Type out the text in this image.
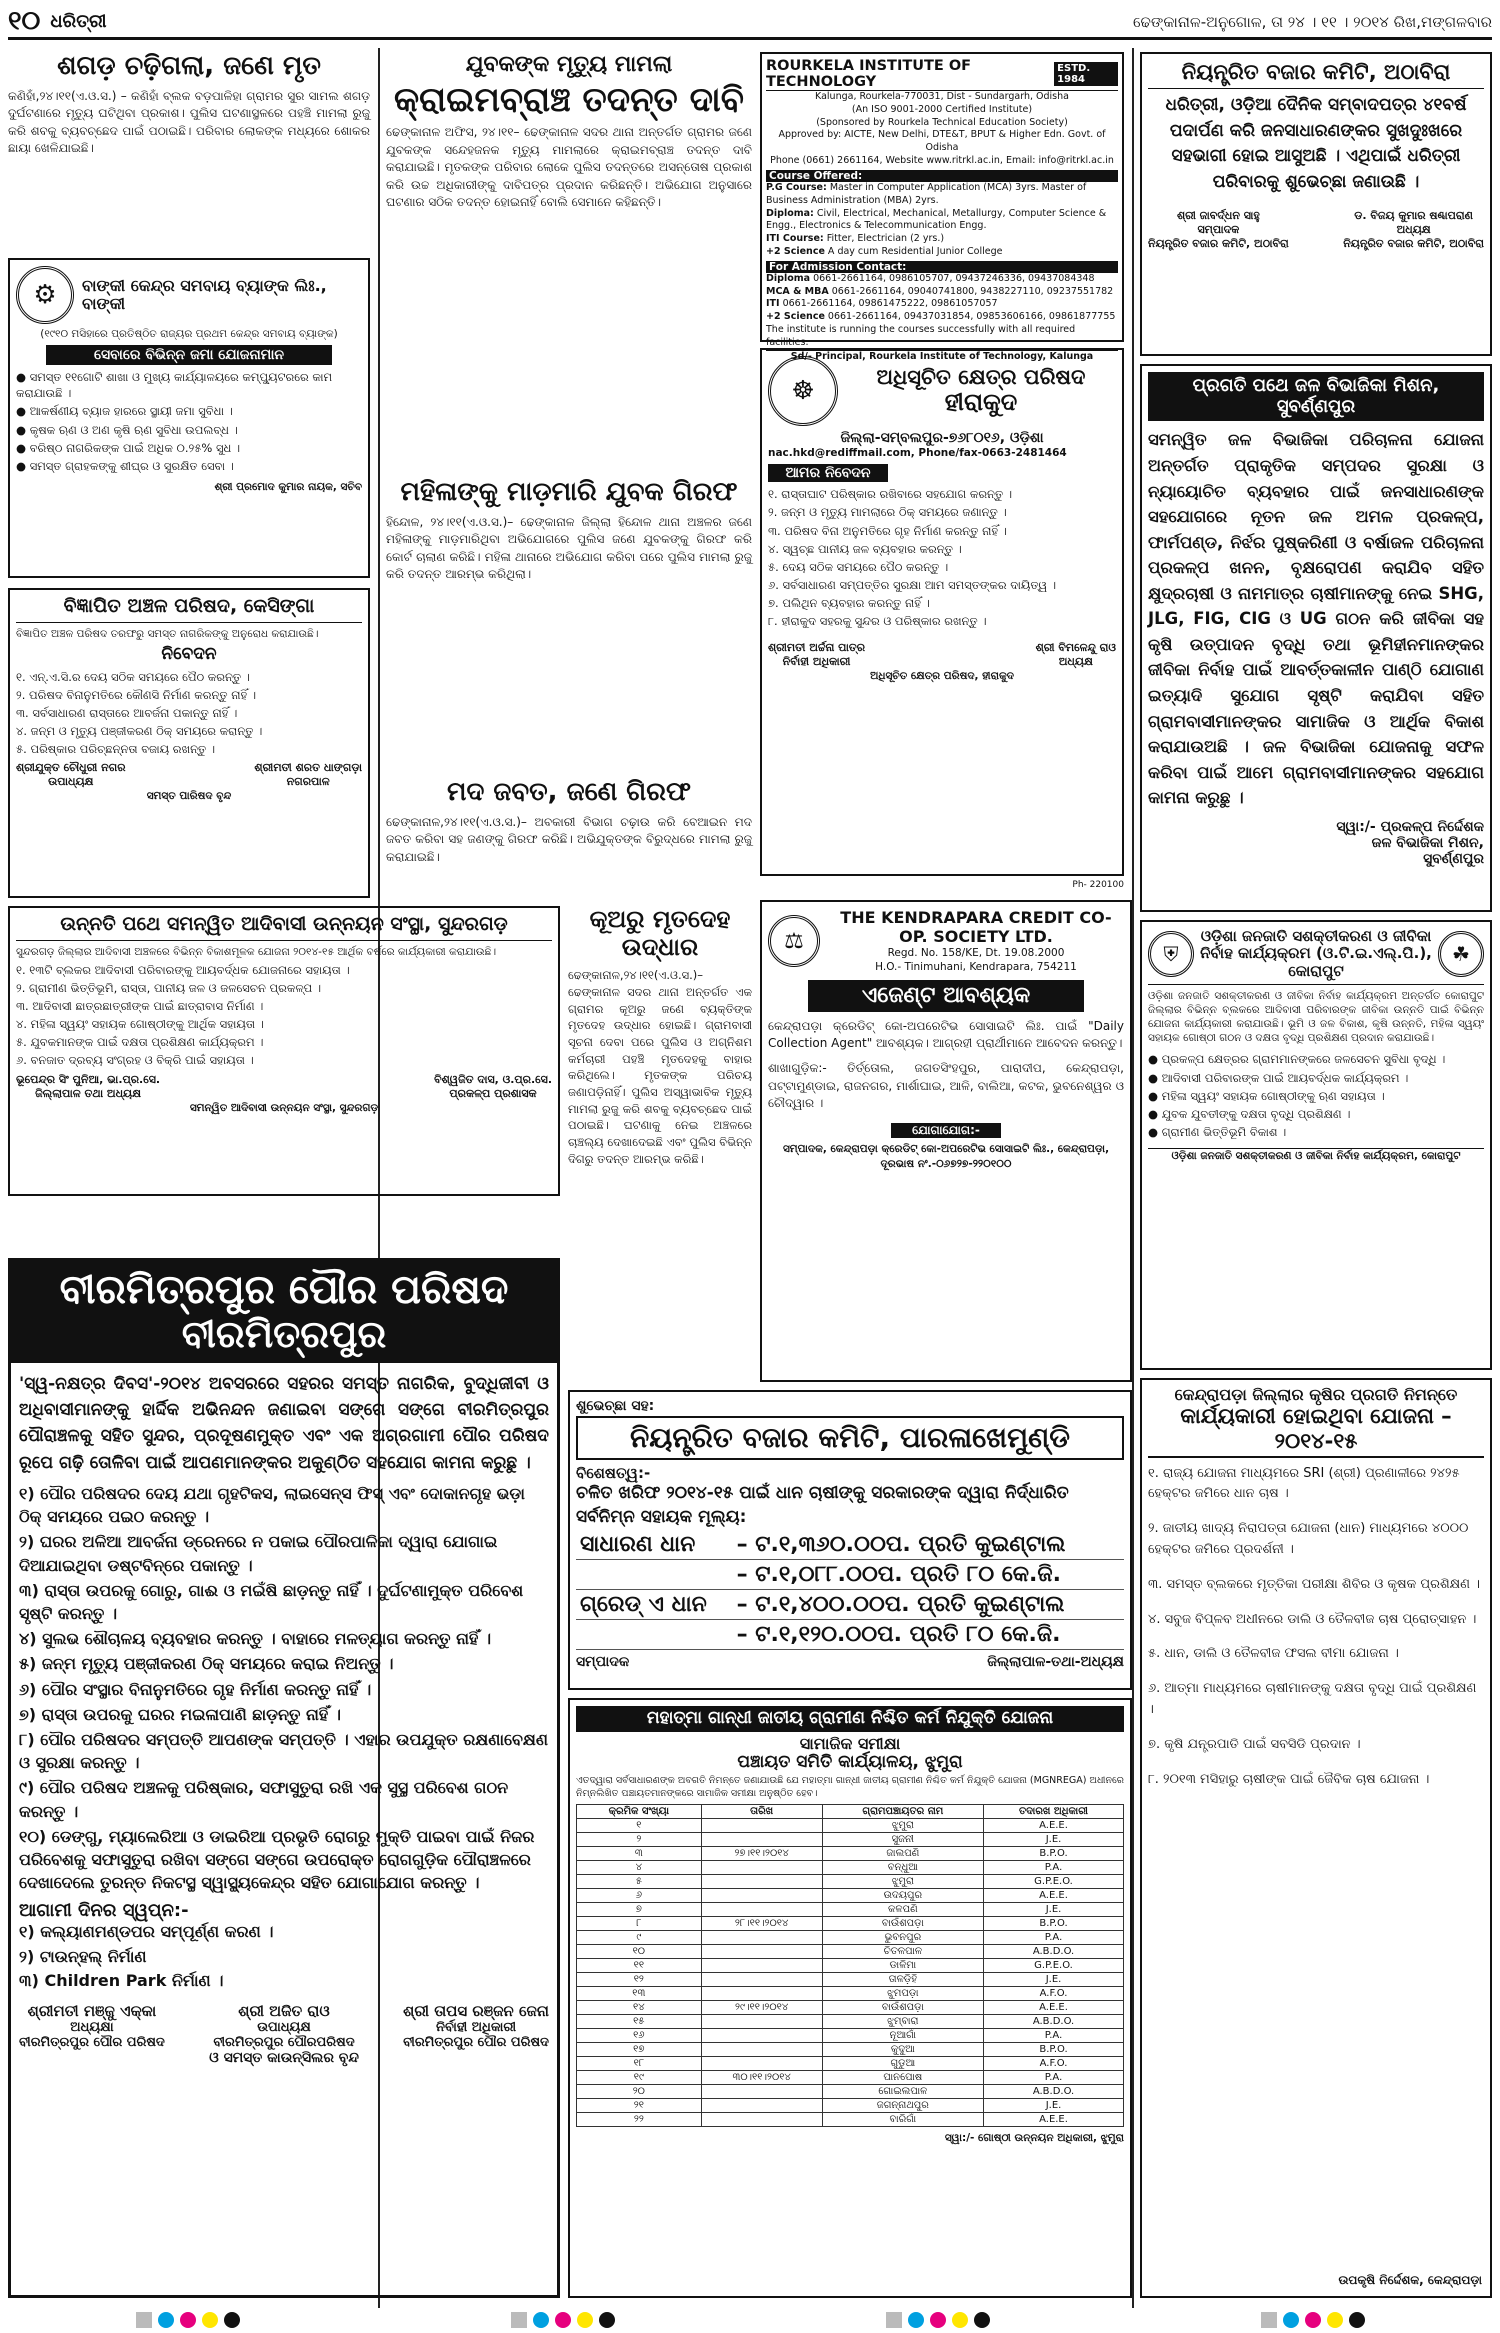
୧୦ ଧରିତ୍ରୀ	ଢେଙ୍କାନାଳ-ଅନୁଗୋଳ, ତା ୨୪ । ୧୧ । ୨୦୧୪ ରିଖ,ମଙ୍ଗଳବାର
ଶଗଡ଼ ଚଢ଼ିଗଲା, ଜଣେ ମୃତ
କଣିହାଁ,୨୪।୧୧(ଏ.ଓ.ସ.) – କଣିହାଁ ବ୍ଲକ ବଡ଼ପାଳିହା ଗ୍ରାମର ସୁର ସାମଲ ଶଗଡ଼ ଦୁର୍ଘଟଣାରେ ମୃତ୍ୟୁ ଘଟିଥିବା ପ୍ରକାଶ। ପୁଲିସ ଘଟଣାସ୍ଥଳରେ ପହଞ୍ଚି ମାମଲା ରୁଜୁ କରି ଶବକୁ ବ୍ୟବଚ୍ଛେଦ ପାଇଁ ପଠାଇଛି। ପରିବାର ଲୋକଙ୍କ ମଧ୍ୟରେ ଶୋକର ଛାୟା ଖେଳିଯାଇଛି।
⚙	ବାଙ୍କୀ କେନ୍ଦ୍ର ସମବାୟ ବ୍ୟାଙ୍କ ଲିଃ., ବାଙ୍କୀ
(୧୯୧୦ ମସିହାରେ ପ୍ରତିଷ୍ଠିତ ରାଜ୍ୟର ପ୍ରଥମ କେନ୍ଦ୍ର ସମବାୟ ବ୍ୟାଙ୍କ)
ସେବାରେ ବିଭିନ୍ନ ଜମା ଯୋଜନାମାନ
● ସମସ୍ତ ୧୧ଗୋଟି ଶାଖା ଓ ମୁଖ୍ୟ କାର୍ଯ୍ୟାଳୟରେ କମ୍ପ୍ୟୁଟରରେ କାମ କରାଯାଉଛି ।
● ଆକର୍ଷଣୀୟ ବ୍ୟାଜ ହାରରେ ସ୍ଥାୟୀ ଜମା ସୁବିଧା ।
● କୃଷକ ଋଣ ଓ ଅଣ କୃଷି ଋଣ ସୁବିଧା ଉପଲବ୍ଧ ।
● ବରିଷ୍ଠ ନାଗରିକଙ୍କ ପାଇଁ ଅଧିକ ୦.୨୫% ସୁଧ ।
● ସମସ୍ତ ଗ୍ରାହକଙ୍କୁ ଶୀଘ୍ର ଓ ସୁରକ୍ଷିତ ସେବା ।
ଶ୍ରୀ ପ୍ରମୋଦ କୁମାର ନାୟକ, ସଚିବ
ବିଜ୍ଞାପିତ ଅଞ୍ଚଳ ପରିଷଦ, କେସିଙ୍ଗା
ବିଜ୍ଞାପିତ ଅଞ୍ଚଳ ପରିଷଦ ତରଫରୁ ସମସ୍ତ ନାଗରିକଙ୍କୁ ଅନୁରୋଧ କରାଯାଉଛି।
ନିବେଦନ
୧. ଏନ୍.ଏ.ସି.ର ଦେୟ ସଠିକ ସମୟରେ ପୈଠ କରନ୍ତୁ ।
୨. ପରିଷଦ ବିନାନୁମତିରେ କୌଣସି ନିର୍ମାଣ କରନ୍ତୁ ନାହିଁ ।
୩. ସର୍ବସାଧାରଣ ରାସ୍ତାରେ ଆବର୍ଜନା ପକାନ୍ତୁ ନାହିଁ ।
୪. ଜନ୍ମ ଓ ମୃତ୍ୟୁ ପଞ୍ଜୀକରଣ ଠିକ୍ ସମୟରେ କରାନ୍ତୁ ।
୫. ପରିଷ୍କାର ପରିଚ୍ଛନ୍ନତା ବଜାୟ ରଖନ୍ତୁ ।
ଶ୍ରୀଯୁକ୍ତ ଚୌଧୁରୀ ନଗର
ଉପାଧ୍ୟକ୍ଷ
ଶ୍ରୀମତୀ ଶରତ ଧାଙ୍ଗଡ଼ା
ନଗରପାଳ
ସମସ୍ତ ପାରିଷଦ ବୃନ୍ଦ
ଯୁବକଙ୍କ ମୃତ୍ୟୁ ମାମଲା
କ୍ରାଇମବ୍ରାଞ୍ଚ ତଦନ୍ତ ଦାବି
ଢେଙ୍କାନାଳ ଅଫିସ, ୨୪।୧୧– ଢେଙ୍କାନାଳ ସଦର ଥାନା ଅନ୍ତର୍ଗତ ଗ୍ରାମର ଜଣେ ଯୁବକଙ୍କ ସନ୍ଦେହଜନକ ମୃତ୍ୟୁ ମାମଲାରେ କ୍ରାଇମବ୍ରାଞ୍ଚ ତଦନ୍ତ ଦାବି କରାଯାଇଛି। ମୃତକଙ୍କ ପରିବାର ଲୋକେ ପୁଲିସ ତଦନ୍ତରେ ଅସନ୍ତୋଷ ପ୍ରକାଶ କରି ଉଚ୍ଚ ଅଧିକାରୀଙ୍କୁ ଦାବିପତ୍ର ପ୍ରଦାନ କରିଛନ୍ତି। ଅଭିଯୋଗ ଅନୁସାରେ ଘଟଣାର ସଠିକ ତଦନ୍ତ ହୋଇନାହିଁ ବୋଲି ସେମାନେ କହିଛନ୍ତି।
ମହିଳାଙ୍କୁ ମାଡ଼ମାରି ଯୁବକ ଗିରଫ
ହିନ୍ଦୋଳ, ୨୪।୧୧(ଏ.ଓ.ସ.)– ଢେଙ୍କାନାଳ ଜିଲ୍ଲା ହିନ୍ଦୋଳ ଥାନା ଅଞ୍ଚଳର ଜଣେ ମହିଳାଙ୍କୁ ମାଡ଼ମାରିଥିବା ଅଭିଯୋଗରେ ପୁଲିସ ଜଣେ ଯୁବକଙ୍କୁ ଗିରଫ କରି କୋର୍ଟ ଚାଲାଣ କରିଛି। ମହିଳା ଥାନାରେ ଅଭିଯୋଗ କରିବା ପରେ ପୁଲିସ ମାମଲା ରୁଜୁ କରି ତଦନ୍ତ ଆରମ୍ଭ କରିଥିଲା।
ମଦ ଜବତ, ଜଣେ ଗିରଫ
ଢେଙ୍କାନାଳ,୨୪।୧୧(ଏ.ଓ.ସ.)– ଅବକାରୀ ବିଭାଗ ଚଢ଼ାଉ କରି ବେଆଇନ ମଦ ଜବତ କରିବା ସହ ଜଣଙ୍କୁ ଗିରଫ କରିଛି। ଅଭିଯୁକ୍ତଙ୍କ ବିରୁଦ୍ଧରେ ମାମଲା ରୁଜୁ କରାଯାଇଛି।
ROURKELA INSTITUTE OF TECHNOLOGY
ESTD. 1984
Kalunga, Rourkela-770031, Dist - Sundargarh, Odisha
(An ISO 9001-2000 Certified Institute)
(Sponsored by Rourkela Technical Education Society)
Approved by: AICTE, New Delhi, DTE&T, BPUT & Higher Edn. Govt. of Odisha
Phone (0661) 2661164, Website www.ritrkl.ac.in, Email: info@ritrkl.ac.in
Course Offered:
P.G Course: Master in Computer Application (MCA) 3yrs. Master of Business Administration (MBA) 2yrs.
Diploma: Civil, Electrical, Mechanical, Metallurgy, Computer Science & Engg., Electronics & Telecommunication Engg.
ITI Course: Fitter, Electrician (2 yrs.)
+2 Science A day cum Residential Junior College
For Admission Contact:
Diploma 0661-2661164, 0986105707, 09437246336, 09437084348
MCA & MBA 0661-2661164, 09040741800, 9438227110, 09237551782
ITI 0661-2661164, 09861475222, 09861057057
+2 Science 0661-2661164, 09437031854, 09853606166, 09861877755
The institute is running the courses successfully with all required facilities.
Sd/- Principal, Rourkela Institute of Technology, Kalunga
☸	ଅଧିସୂଚିତ କ୍ଷେତ୍ର ପରିଷଦ
ହୀରାକୁଦ
ଜିଲ୍ଲା-ସମ୍ବଲପୁର-୭୬୮୦୧୬, ଓଡ଼ିଶା
nac.hkd@rediffmail.com, Phone/fax-0663-2481464
ଆମର ନିବେଦନ
୧. ରାସ୍ତାଘାଟ ପରିଷ୍କାର ରଖିବାରେ ସହଯୋଗ କରନ୍ତୁ ।
୨. ଜନ୍ମ ଓ ମୃତ୍ୟୁ ମାମଲାରେ ଠିକ୍ ସମୟରେ ଜଣାନ୍ତୁ ।
୩. ପରିଷଦ ବିନା ଅନୁମତିରେ ଗୃହ ନିର୍ମାଣ କରନ୍ତୁ ନାହିଁ ।
୪. ସ୍ୱଚ୍ଛ ପାନୀୟ ଜଳ ବ୍ୟବହାର କରନ୍ତୁ ।
୫. ଦେୟ ସଠିକ ସମୟରେ ପୈଠ କରନ୍ତୁ ।
୬. ସର୍ବସାଧାରଣ ସମ୍ପତ୍ତିର ସୁରକ୍ଷା ଆମ ସମସ୍ତଙ୍କର ଦାୟିତ୍ୱ ।
୭. ପଲିଥିନ ବ୍ୟବହାର କରନ୍ତୁ ନାହିଁ ।
୮. ହୀରାକୁଦ ସହରକୁ ସୁନ୍ଦର ଓ ପରିଷ୍କାର ରଖନ୍ତୁ ।
ଶ୍ରୀମତୀ ଅର୍ଚ୍ଚନା ପାତ୍ର
ନିର୍ବାହୀ ଅଧିକାରୀ
ଶ୍ରୀ ବିମଳେନ୍ଦୁ ରାଓ
ଅଧ୍ୟକ୍ଷ
ଅଧିସୂଚିତ କ୍ଷେତ୍ର ପରିଷଦ, ହୀରାକୁଦ
Ph- 220100
ନିୟନ୍ତ୍ରିତ ବଜାର କମିଟି, ଅଠାବିରା
ଧରିତ୍ରୀ, ଓଡ଼ିଆ ଦୈନିକ ସମ୍ବାଦପତ୍ର ୪୧ବର୍ଷ ପଦାର୍ପଣ କରି ଜନସାଧାରଣଙ୍କର ସୁଖଦୁଃଖରେ ସହଭାଗୀ ହୋଇ ଆସୁଅଛି । ଏଥିପାଇଁ ଧରିତ୍ରୀ ପରିବାରକୁ ଶୁଭେଚ୍ଛା ଜଣାଉଛି ।
ଶ୍ରୀ ଜାବର୍ଦ୍ଧନ ସାହୁ
ସମ୍ପାଦକ
ନିୟନ୍ତ୍ରିତ ବଜାର କମିଟି, ଅଠାବିରା
ଡ. ବିଜୟ କୁମାର ଷଣ୍ଢାପରାଣ
ଅଧ୍ୟକ୍ଷ
ନିୟନ୍ତ୍ରିତ ବଜାର କମିଟି, ଅଠାବିରା
ପ୍ରଗତି ପଥେ ଜଳ ବିଭାଜିକା ମିଶନ, ସୁବର୍ଣ୍ଣପୁର
ସମନ୍ୱିତ ଜଳ ବିଭାଜିକା ପରିଚାଳନା ଯୋଜନା ଅନ୍ତର୍ଗତ ପ୍ରାକୃତିକ ସମ୍ପଦର ସୁରକ୍ଷା ଓ ନ୍ୟାୟୋଚିତ ବ୍ୟବହାର ପାଇଁ ଜନସାଧାରଣଙ୍କ ସହଯୋଗରେ ନୂତନ ଜଳ ଅମଳ ପ୍ରକଳ୍ପ, ଫାର୍ମପଣ୍ଡ, ନିର୍ଝର ପୁଷ୍କରିଣୀ ଓ ବର୍ଷାଜଳ ପରିଚାଳନା ପ୍ରକଳ୍ପ ଖନନ, ବୃକ୍ଷରୋପଣ କରାଯିବ ସହିତ କ୍ଷୁଦ୍ରଚାଷୀ ଓ ନାମମାତ୍ର ଚାଷୀମାନଙ୍କୁ ନେଇ SHG, JLG, FIG, CIG ଓ UG ଗଠନ କରି ଜୀବିକା ସହ କୃଷି ଉତ୍ପାଦନ ବୃଦ୍ଧି ତଥା ଭୂମିହୀନମାନଙ୍କର ଜୀବିକା ନିର୍ବାହ ପାଇଁ ଆବର୍ତ୍ତକାଳୀନ ପାଣ୍ଠି ଯୋଗାଣ ଇତ୍ୟାଦି ସୁଯୋଗ ସୃଷ୍ଟି କରାଯିବା ସହିତ ଗ୍ରାମବାସୀମାନଙ୍କର ସାମାଜିକ ଓ ଆର୍ଥିକ ବିକାଶ କରାଯାଉଅଛି । ଜଳ ବିଭାଜିକା ଯୋଜନାକୁ ସଫଳ କରିବା ପାଇଁ ଆମେ ଗ୍ରାମବାସୀମାନଙ୍କର ସହଯୋଗ କାମନା କରୁଛୁ ।
ସ୍ୱା:/- ପ୍ରକଳ୍ପ ନିର୍ଦ୍ଦେଶକ
ଜଳ ବିଭାଜିକା ମିଶନ,
ସୁବର୍ଣ୍ଣପୁର
⛨
ଓଡ଼ିଶା ଜନଜାତି ସଶକ୍ତୀକରଣ ଓ ଜୀବିକା ନିର୍ବାହ କାର୍ଯ୍ୟକ୍ରମ (ଓ.ଟି.ଇ.ଏଲ୍.ପି.), କୋରାପୁଟ
☘
ଓଡ଼ିଶା ଜନଜାତି ସଶକ୍ତୀକରଣ ଓ ଜୀବିକା ନିର୍ବାହ କାର୍ଯ୍ୟକ୍ରମ ଅନ୍ତର୍ଗତ କୋରାପୁଟ ଜିଲ୍ଲାର ବିଭିନ୍ନ ବ୍ଲକରେ ଆଦିବାସୀ ପରିବାରଙ୍କ ଜୀବିକା ଉନ୍ନତି ପାଇଁ ବିଭିନ୍ନ ଯୋଜନା କାର୍ଯ୍ୟକାରୀ କରାଯାଉଛି। ଭୂମି ଓ ଜଳ ବିକାଶ, କୃଷି ଉନ୍ନତି, ମହିଳା ସ୍ୱୟଂ ସହାୟକ ଗୋଷ୍ଠୀ ଗଠନ ଓ ଦକ୍ଷତା ବୃଦ୍ଧି ପ୍ରଶିକ୍ଷଣ ପ୍ରଦାନ କରାଯାଉଛି।
● ପ୍ରକଳ୍ପ କ୍ଷେତ୍ରର ଗ୍ରାମମାନଙ୍କରେ ଜଳସେଚନ ସୁବିଧା ବୃଦ୍ଧି ।
● ଆଦିବାସୀ ପରିବାରଙ୍କ ପାଇଁ ଆୟବର୍ଦ୍ଧକ କାର୍ଯ୍ୟକ୍ରମ ।
● ମହିଳା ସ୍ୱୟଂ ସହାୟକ ଗୋଷ୍ଠୀଙ୍କୁ ଋଣ ସହାୟତା ।
● ଯୁବକ ଯୁବତୀଙ୍କୁ ଦକ୍ଷତା ବୃଦ୍ଧି ପ୍ରଶିକ୍ଷଣ ।
● ଗ୍ରାମୀଣ ଭିତ୍ତିଭୂମି ବିକାଶ ।
ଓଡ଼ିଶା ଜନଜାତି ସଶକ୍ତୀକରଣ ଓ ଜୀବିକା ନିର୍ବାହ କାର୍ଯ୍ୟକ୍ରମ, କୋରାପୁଟ
କେନ୍ଦ୍ରାପଡ଼ା ଜିଲ୍ଲାର କୃଷିର ପ୍ରଗତି ନିମନ୍ତେ
କାର୍ଯ୍ୟକାରୀ ହୋଇଥିବା ଯୋଜନା – ୨୦୧୪-୧୫
୧. ରାଜ୍ୟ ଯୋଜନା ମାଧ୍ୟମରେ SRI (ଶ୍ରୀ) ପ୍ରଣାଳୀରେ ୨୪୨୫ ହେକ୍ଟର ଜମିରେ ଧାନ ଚାଷ ।
୨. ଜାତୀୟ ଖାଦ୍ୟ ନିରାପତ୍ତା ଯୋଜନା (ଧାନ) ମାଧ୍ୟମରେ ୪୦୦୦ ହେକ୍ଟର ଜମିରେ ପ୍ରଦର୍ଶନୀ ।
୩. ସମସ୍ତ ବ୍ଲକରେ ମୃତ୍ତିକା ପରୀକ୍ଷା ଶିବିର ଓ କୃଷକ ପ୍ରଶିକ୍ଷଣ ।
୪. ସବୁଜ ବିପ୍ଳବ ଅଧୀନରେ ଡାଲି ଓ ତୈଳବୀଜ ଚାଷ ପ୍ରୋତ୍ସାହନ ।
୫. ଧାନ, ଡାଲି ଓ ତୈଳବୀଜ ଫସଲ ବୀମା ଯୋଜନା ।
୬. ଆତ୍ମା ମାଧ୍ୟମରେ ଚାଷୀମାନଙ୍କୁ ଦକ୍ଷତା ବୃଦ୍ଧି ପାଇଁ ପ୍ରଶିକ୍ଷଣ ।
୭. କୃଷି ଯନ୍ତ୍ରପାତି ପାଇଁ ସବସିଡି ପ୍ରଦାନ ।
୮. ୨୦୧୩ ମସିହାରୁ ଚାଷୀଙ୍କ ପାଇଁ ଜୈବିକ ଚାଷ ଯୋଜନା ।
ଉପକୃଷି ନିର୍ଦ୍ଦେଶକ, କେନ୍ଦ୍ରାପଡ଼ା
ଉନ୍ନତି ପଥେ ସମନ୍ୱିତ ଆଦିବାସୀ ଉନ୍ନୟନ ସଂସ୍ଥା, ସୁନ୍ଦରଗଡ଼
ସୁନ୍ଦରଗଡ଼ ଜିଲ୍ଲାର ଆଦିବାସୀ ଅଞ୍ଚଳରେ ବିଭିନ୍ନ ବିକାଶମୂଳକ ଯୋଜନା ୨୦୧୪-୧୫ ଆର୍ଥିକ ବର୍ଷରେ କାର୍ଯ୍ୟକାରୀ କରାଯାଉଛି।
୧. ୧୩ଟି ବ୍ଲକର ଆଦିବାସୀ ପରିବାରଙ୍କୁ ଆୟବର୍ଦ୍ଧକ ଯୋଜନାରେ ସହାୟତା ।
୨. ଗ୍ରାମୀଣ ଭିତ୍ତିଭୂମି, ରାସ୍ତା, ପାନୀୟ ଜଳ ଓ ଜଳସେଚନ ପ୍ରକଳ୍ପ ।
୩. ଆଦିବାସୀ ଛାତ୍ରଛାତ୍ରୀଙ୍କ ପାଇଁ ଛାତ୍ରାବାସ ନିର୍ମାଣ ।
୪. ମହିଳା ସ୍ୱୟଂ ସହାୟକ ଗୋଷ୍ଠୀଙ୍କୁ ଆର୍ଥିକ ସହାୟତା ।
୫. ଯୁବକମାନଙ୍କ ପାଇଁ ଦକ୍ଷତା ପ୍ରଶିକ୍ଷଣ କାର୍ଯ୍ୟକ୍ରମ ।
୬. ବନଜାତ ଦ୍ରବ୍ୟ ସଂଗ୍ରହ ଓ ବିକ୍ରି ପାଇଁ ସହାୟତା ।
ଭୂପେନ୍ଦ୍ର ସିଂ ପୁନିଆ, ଭା.ପ୍ର.ସେ.
ଜିଲ୍ଲାପାଳ ତଥା ଅଧ୍ୟକ୍ଷ
ବିଶ୍ୱଜିତ ଦାସ, ଓ.ପ୍ର.ସେ.
ପ୍ରକଳ୍ପ ପ୍ରଶାସକ
ସମନ୍ୱିତ ଆଦିବାସୀ ଉନ୍ନୟନ ସଂସ୍ଥା, ସୁନ୍ଦରଗଡ଼
କୂଅରୁ ମୃତଦେହ ଉଦ୍ଧାର
ଢେଙ୍କାନାଳ,୨୪।୧୧(ଏ.ଓ.ସ.)– ଢେଙ୍କାନାଳ ସଦର ଥାନା ଅନ୍ତର୍ଗତ ଏକ ଗ୍ରାମର କୂଅରୁ ଜଣେ ବ୍ୟକ୍ତିଙ୍କ ମୃତଦେହ ଉଦ୍ଧାର ହୋଇଛି। ଗ୍ରାମବାସୀ ସୂଚନା ଦେବା ପରେ ପୁଲିସ ଓ ଅଗ୍ନିଶମ କର୍ମଚାରୀ ପହଞ୍ଚି ମୃତଦେହକୁ ବାହାର କରିଥିଲେ। ମୃତକଙ୍କ ପରିଚୟ ଜଣାପଡ଼ିନାହିଁ। ପୁଲିସ ଅସ୍ୱାଭାବିକ ମୃତ୍ୟୁ ମାମଲା ରୁଜୁ କରି ଶବକୁ ବ୍ୟବଚ୍ଛେଦ ପାଇଁ ପଠାଇଛି। ଘଟଣାକୁ ନେଇ ଅଞ୍ଚଳରେ ଚାଞ୍ଚଲ୍ୟ ଦେଖାଦେଇଛି ଏବଂ ପୁଲିସ ବିଭିନ୍ନ ଦିଗରୁ ତଦନ୍ତ ଆରମ୍ଭ କରିଛି।
⚖
THE KENDRAPARA CREDIT CO-OP. SOCIETY LTD.
Regd. No. 158/KE, Dt. 19.08.2000
H.O.- Tinimuhani, Kendrapara, 754211
ଏଜେଣ୍ଟ ଆବଶ୍ୟକ
କେନ୍ଦ୍ରାପଡ଼ା କ୍ରେଡିଟ୍ କୋ-ଅପରେଟିଭ ସୋସାଇଟି ଲିଃ. ପାଇଁ "Daily Collection Agent" ଆବଶ୍ୟକ। ଆଗ୍ରହୀ ପ୍ରାର୍ଥୀମାନେ ଆବେଦନ କରନ୍ତୁ।
ଶାଖାଗୁଡ଼ିକ:- ତିର୍ତ୍ତୋଲ, ଜଗତସିଂହପୁର, ପାରାଦୀପ, କେନ୍ଦ୍ରାପଡ଼ା, ପଟ୍ଟାମୁଣ୍ଡାଇ, ରାଜନଗର, ମାର୍ଶାଘାଇ, ଆଳି, ବାଲିଆ, କଟକ, ଭୁବନେଶ୍ୱର ଓ ଚୌଦ୍ୱାର ।
ଯୋଗାଯୋଗ:-
ସମ୍ପାଦକ, କେନ୍ଦ୍ରାପଡ଼ା କ୍ରେଡିଟ୍ କୋ-ଅପରେଟିଭ ସୋସାଇଟି ଲିଃ., କେନ୍ଦ୍ରାପଡ଼ା, ଦୂରଭାଷ ନଂ.-୦୬୭୨୭-୨୨୦୧୦୦
ବୀରମିତ୍ରପୁର ପୌର ପରିଷଦ
ବୀରମିତ୍ରପୁର
'ସ୍ୱ-ନକ୍ଷତ୍ର ଦିବସ'-୨୦୧୪ ଅବସରରେ ସହରର ସମସ୍ତ ନାଗରିକ, ବୁଦ୍ଧିଜୀବୀ ଓ ଅଧିବାସୀମାନଙ୍କୁ ହାର୍ଦ୍ଦିକ ଅଭିନନ୍ଦନ ଜଣାଇବା ସଙ୍ଗେ ସଙ୍ଗେ ବୀରମିତ୍ରପୁର ପୌରାଞ୍ଚଳକୁ ସହିତ ସୁନ୍ଦର, ପ୍ରଦୂଷଣମୁକ୍ତ ଏବଂ ଏକ ଅଗ୍ରଗାମୀ ପୌର ପରିଷଦ ରୂପେ ଗଢ଼ି ତୋଳିବା ପାଇଁ ଆପଣମାନଙ୍କର ଅକୁଣ୍ଠିତ ସହଯୋଗ କାମନା କରୁଛୁ ।
୧) ପୌର ପରିଷଦର ଦେୟ ଯଥା ଗୃହଟିକସ, ଲାଇସେନ୍ସ ଫିସ୍ ଏବଂ ଦୋକାନଗୃହ ଭଡ଼ା ଠିକ୍ ସମୟରେ ପଇଠ କରନ୍ତୁ ।
୨) ଘରର ଅଳିଆ ଆବର୍ଜନା ଡ୍ରେନରେ ନ ପକାଇ ପୌରପାଳିକା ଦ୍ୱାରା ଯୋଗାଇ ଦିଆଯାଇଥିବା ଡଷ୍ଟବିନ୍‌ରେ ପକାନ୍ତୁ ।
୩) ରାସ୍ତା ଉପରକୁ ଗୋରୁ, ଗାଈ ଓ ମଇଁଷି ଛାଡ଼ନ୍ତୁ ନାହିଁ । ଦୁର୍ଘଟଣାମୁକ୍ତ ପରିବେଶ ସୃଷ୍ଟି କରନ୍ତୁ ।
୪) ସୁଲଭ ଶୌଚାଳୟ ବ୍ୟବହାର କରନ୍ତୁ । ବାହାରେ ମଳତ୍ୟାଗ କରନ୍ତୁ ନାହିଁ ।
୫) ଜନ୍ମ ମୃତ୍ୟୁ ପଞ୍ଜୀକରଣ ଠିକ୍ ସମୟରେ କରାଇ ନିଅନ୍ତୁ ।
୬) ପୌର ସଂସ୍ଥାର ବିନାନୁମତିରେ ଗୃହ ନିର୍ମାଣ କରନ୍ତୁ ନାହିଁ ।
୭) ରାସ୍ତା ଉପରକୁ ଘରର ମଇଳାପାଣି ଛାଡ଼ନ୍ତୁ ନାହିଁ ।
୮) ପୌର ପରିଷଦର ସମ୍ପତ୍ତି ଆପଣଙ୍କ ସମ୍ପତ୍ତି । ଏହାର ଉପଯୁକ୍ତ ରକ୍ଷଣାବେକ୍ଷଣ ଓ ସୁରକ୍ଷା କରନ୍ତୁ ।
୯) ପୌର ପରିଷଦ ଅଞ୍ଚଳକୁ ପରିଷ୍କାର, ସଫାସୁତୁରା ରଖି ଏକ ସୁସ୍ଥ ପରିବେଶ ଗଠନ କରନ୍ତୁ ।
୧୦) ଡେଙ୍ଗୁ, ମ୍ୟାଲେରିଆ ଓ ଡାଇରିଆ ପ୍ରଭୃତି ରୋଗରୁ ମୁକ୍ତି ପାଇବା ପାଇଁ ନିଜର ପରିବେଶକୁ ସଫାସୁତୁରା ରଖିବା ସଙ୍ଗେ ସଙ୍ଗେ ଉପରୋକ୍ତ ରୋଗଗୁଡ଼ିକ ପୌରାଞ୍ଚଳରେ ଦେଖାଦେଲେ ତୁରନ୍ତ ନିକଟସ୍ଥ ସ୍ୱାସ୍ଥ୍ୟକେନ୍ଦ୍ର ସହିତ ଯୋଗାଯୋଗ କରନ୍ତୁ ।
ଆଗାମୀ ଦିନର ସ୍ୱପ୍ନ:-
୧) କଲ୍ୟାଣମଣ୍ଡପର ସମ୍ପୂର୍ଣ୍ଣ କରଣ ।
୨) ଟାଉନ୍‌ହଲ୍ ନିର୍ମାଣ
୩) Children Park ନିର୍ମାଣ ।
ଶ୍ରୀମତୀ ମଞ୍ଜୁ ଏକ୍କା
ଅଧ୍ୟକ୍ଷା
ବୀରମିତ୍ରପୁର ପୌର ପରିଷଦ
ଶ୍ରୀ ଅଜିତ ରାଓ
ଉପାଧ୍ୟକ୍ଷ
ବୀରମିତ୍ରପୁର ପୌରପରିଷଦ
ଶ୍ରୀ ତାପସ ରଞ୍ଜନ ଜେନା
ନିର୍ବାହୀ ଅଧିକାରୀ
ବୀରମିତ୍ରପୁର ପୌର ପରିଷଦ
ଓ ସମସ୍ତ କାଉନ୍‌ସିଲର ବୃନ୍ଦ
ଶୁଭେଚ୍ଛା ସହ:
ନିୟନ୍ତ୍ରିତ ବଜାର କମିଟି, ପାରଳାଖେମୁଣ୍ଡି
ବିଶେଷତ୍ୱ:-
ଚଳିତ ଖରିଫ ୨୦୧୪-୧୫ ପାଇଁ ଧାନ ଚାଷୀଙ୍କୁ ସରକାରଙ୍କ ଦ୍ୱାରା ନିର୍ଦ୍ଧାରିତ ସର୍ବନିମ୍ନ ସହାୟକ ମୂଲ୍ୟ:
ସାଧାରଣ ଧାନ	– ଟ.୧,୩୬୦.୦୦ପ. ପ୍ରତି କୁଇଣ୍ଟାଲ
	– ଟ.୧,୦୮୮.୦୦ପ. ପ୍ରତି ୮୦ କେ.ଜି.
ଗ୍ରେଡ୍ ଏ ଧାନ	– ଟ.୧,୪୦୦.୦୦ପ. ପ୍ରତି କୁଇଣ୍ଟାଲ
	– ଟ.୧,୧୨୦.୦୦ପ. ପ୍ରତି ୮୦ କେ.ଜି.
ସମ୍ପାଦକ	ଜିଲ୍ଲାପାଳ-ତଥା-ଅଧ୍ୟକ୍ଷ
ମହାତ୍ମା ଗାନ୍ଧୀ ଜାତୀୟ ଗ୍ରାମୀଣ ନିଶ୍ଚିତ କର୍ମ ନିଯୁକ୍ତି ଯୋଜନା
ସାମାଜିକ ସମୀକ୍ଷା
ପଞ୍ଚାୟତ ସମିତି କାର୍ଯ୍ୟାଳୟ, ଝୁମୁରା
ଏତଦ୍ୱାରା ସର୍ବସାଧାରଣଙ୍କ ଅବଗତି ନିମନ୍ତେ ଜଣାଯାଉଛି ଯେ ମହାତ୍ମା ଗାନ୍ଧୀ ଜାତୀୟ ଗ୍ରାମୀଣ ନିଶ୍ଚିତ କର୍ମ ନିଯୁକ୍ତି ଯୋଜନା (MGNREGA) ଅଧୀନରେ ନିମ୍ନଲିଖିତ ପଞ୍ଚାୟତମାନଙ୍କରେ ସାମାଜିକ ସମୀକ୍ଷା ଅନୁଷ୍ଠିତ ହେବ।
କ୍ରମିକ ସଂଖ୍ୟା	ତାରିଖ	ଗ୍ରାମପଞ୍ଚାୟତର ନାମ	ତଦାରଖ ଅଧିକାରୀ
୧		ଝୁମୁରା	A.E.E.
୨		ସୁଜନୀ	J.E.
୩	୨୭।୧୧।୨୦୧୪	ଜାଲପଣି	B.P.O.
୪		ବନ୍ଧୁଆ	P.A.
୫		ଝୁମୁରା	G.P.E.O.
୬		ଉଦୟପୁର	A.E.E.
୭		କଳପଣି	J.E.
୮	୨୮।୧୧।୨୦୧୪	ବାଉଁଶପଡ଼ା	B.P.O.
୯		ଭୁବନପୁର	P.A.
୧୦		ଚିତଳପାଳ	A.B.D.O.
୧୧		ଡାଳିମା	G.P.E.O.
୧୨		ତାଳଡ଼ିହି	J.E.
୧୩		ଝୁମପଡ଼ା	A.F.O.
୧୪	୨୯।୧୧।୨୦୧୪	ବାଉଁଶପଡ଼ା	A.E.E.
୧୫		ଝୁମ୍ବାରା	A.B.D.O.
୧୬		ନୂଆଗାଁ	P.A.
୧୭		କୁଦୁଆ	B.P.O.
୧୮		ଗୁଡୁଆ	A.F.O.
୧୯	୩୦।୧୧।୨୦୧୪	ପାନପୋଷ	P.A.
୨୦		ଗୋଇଲପାଳ	A.B.D.O.
୨୧		ଜଗନ୍ନାଥପୁର	J.E.
୨୨		ବାରିଗାଁ	A.E.E.
ସ୍ୱା:/- ଗୋଷ୍ଠୀ ଉନ୍ନୟନ ଅଧିକାରୀ, ଝୁମୁରା
